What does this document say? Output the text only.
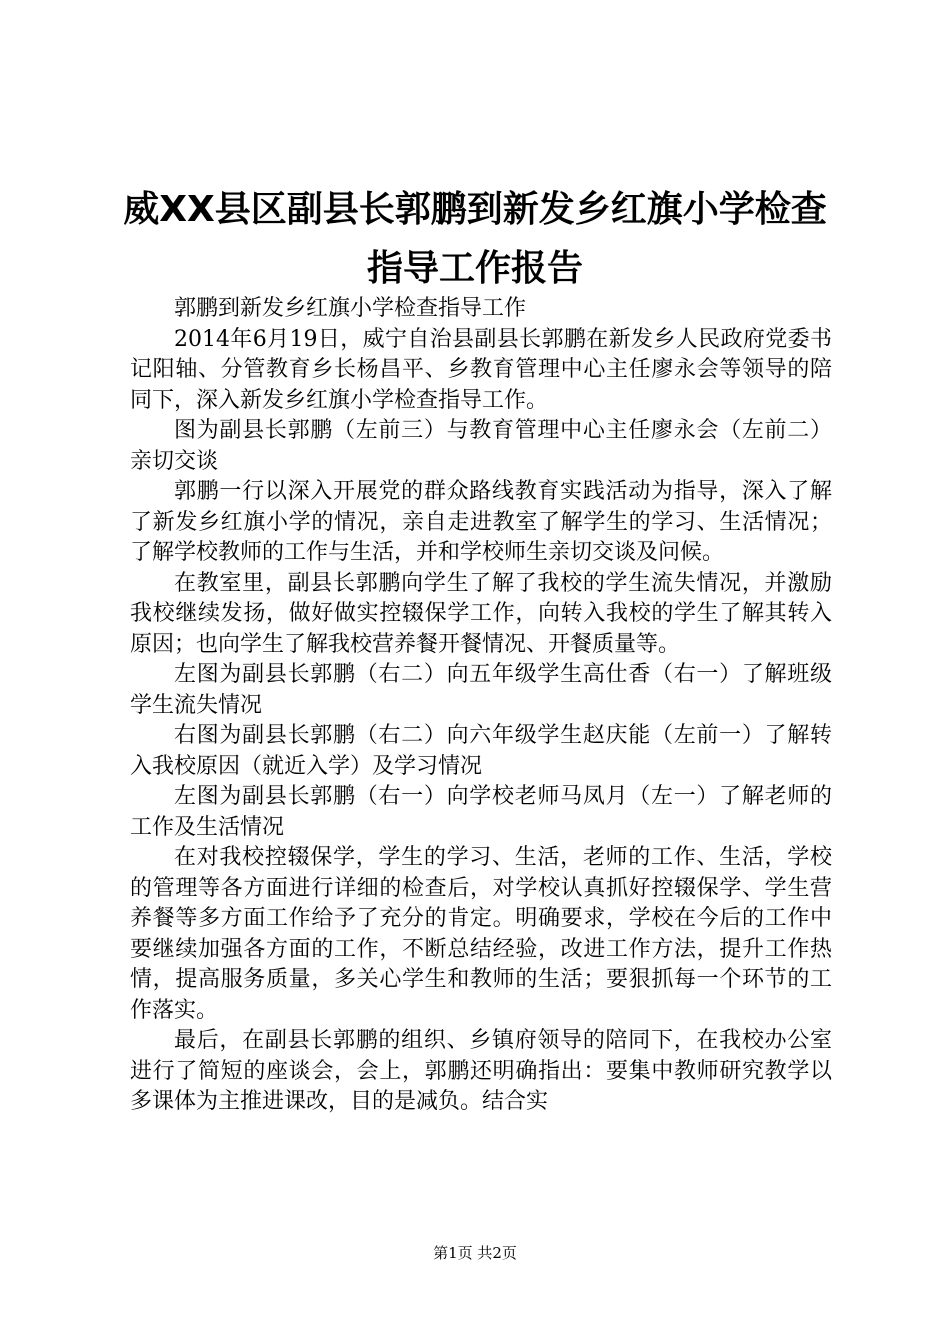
威XX县区副县长郭鹏到新发乡红旗小学检查
指导工作报告

郭鹏到新发乡红旗小学检查指导工作

2014年6月19日，威宁自治县副县长郭鹏在新发乡人民政府党委书记阳轴、分管教育乡长杨昌平、乡教育管理中心主任廖永会等领导的陪同下，深入新发乡红旗小学检查指导工作。

图为副县长郭鹏（左前三）与教育管理中心主任廖永会（左前二）亲切交谈

郭鹏一行以深入开展党的群众路线教育实践活动为指导，深入了解了新发乡红旗小学的情况，亲自走进教室了解学生的学习、生活情况；了解学校教师的工作与生活，并和学校师生亲切交谈及问候。

在教室里，副县长郭鹏向学生了解了我校的学生流失情况，并激励我校继续发扬，做好做实控辍保学工作，向转入我校的学生了解其转入原因；也向学生了解我校营养餐开餐情况、开餐质量等。

左图为副县长郭鹏（右二）向五年级学生高仕香（右一）了解班级学生流失情况

右图为副县长郭鹏（右二）向六年级学生赵庆能（左前一）了解转入我校原因（就近入学）及学习情况

左图为副县长郭鹏（右一）向学校老师马凤月（左一）了解老师的工作及生活情况

在对我校控辍保学，学生的学习、生活，老师的工作、生活，学校的管理等各方面进行详细的检查后，对学校认真抓好控辍保学、学生营养餐等多方面工作给予了充分的肯定。明确要求，学校在今后的工作中要继续加强各方面的工作，不断总结经验，改进工作方法，提升工作热情，提高服务质量，多关心学生和教师的生活；要狠抓每一个环节的工作落实。

最后，在副县长郭鹏的组织、乡镇府领导的陪同下，在我校办公室进行了简短的座谈会，会上，郭鹏还明确指出：要集中教师研究教学以多课体为主推进课改，目的是减负。结合实

第1页 共2页
